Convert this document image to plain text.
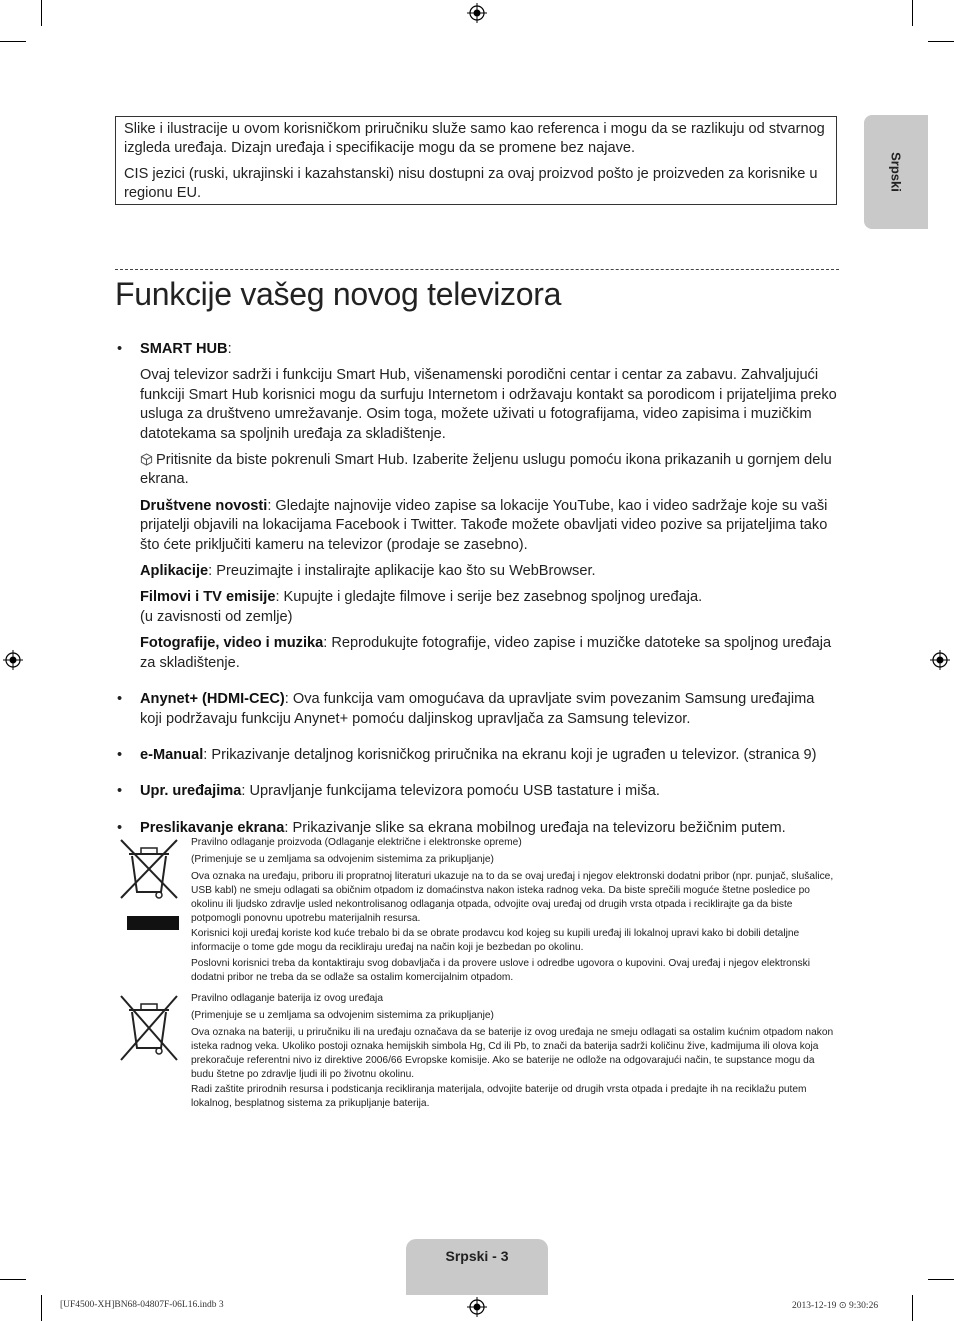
Slike i ilustracije u ovom korisničkom priručniku služe samo kao referenca i mogu da se razlikuju od stvarnog izgleda uređaja. Dizajn uređaja i specifikacije mogu da se promene bez najave.

CIS jezici (ruski, ukrajinski i kazahstanski) nisu dostupni za ovaj proizvod pošto je proizveden za korisnike u regionu EU.

Srpski
Funkcije vašeg novog televizora

• SMART HUB:

Ovaj televizor sadrži i funkciju Smart Hub, višenamenski porodični centar i centar za zabavu. Zahvaljujući funkciji Smart Hub korisnici mogu da surfuju Internetom i održavaju kontakt sa porodicom i prijateljima preko usluga za društveno umrežavanje. Osim toga, možete uživati u fotografijama, video zapisima i muzičkim datotekama sa spoljnih uređaja za skladištenje.

Pritisnite da biste pokrenuli Smart Hub. Izaberite željenu uslugu pomoću ikona prikazanih u gornjem delu ekrana.

Društvene novosti: Gledajte najnovije video zapise sa lokacije YouTube, kao i video sadržaje koje su vaši prijatelji objavili na lokacijama Facebook i Twitter. Takođe možete obavljati video pozive sa prijateljima tako što ćete priključiti kameru na televizor (prodaje se zasebno).

Aplikacije: Preuzimajte i instalirajte aplikacije kao što su WebBrowser.

Filmovi i TV emisije: Kupujte i gledajte filmove i serije bez zasebnog spoljnog uređaja.
(u zavisnosti od zemlje)

Fotografije, video i muzika: Reprodukujte fotografije, video zapise i muzičke datoteke sa spoljnog uređaja za skladištenje.

• Anynet+ (HDMI-CEC): Ova funkcija vam omogućava da upravljate svim povezanim Samsung uređajima koji podržavaju funkciju Anynet+ pomoću daljinskog upravljača za Samsung televizor.

• e-Manual: Prikazivanje detaljnog korisničkog priručnika na ekranu koji je ugrađen u televizor. (stranica 9)

• Upr. uređajima: Upravljanje funkcijama televizora pomoću USB tastature i miša.

• Preslikavanje ekrana: Prikazivanje slike sa ekrana mobilnog uređaja na televizoru bežičnim putem.

Pravilno odlaganje proizvoda (Odlaganje električne i elektronske opreme)

(Primenjuje se u zemljama sa odvojenim sistemima za prikupljanje)

Ova oznaka na uređaju, priboru ili propratnoj literaturi ukazuje na to da se ovaj uređaj i njegov elektronski dodatni pribor (npr. punjač, slušalice, USB kabl) ne smeju odlagati sa običnim otpadom iz domaćinstva nakon isteka radnog veka. Da biste sprečili moguće štetne posledice po okolinu ili ljudsko zdravlje usled nekontrolisanog odlaganja otpada, odvojite ovaj uređaj od drugih vrsta otpada i reciklirajte ga da biste potpomogli ponovnu upotrebu materijalnih resursa.

Korisnici koji uređaj koriste kod kuće trebalo bi da se obrate prodavcu kod kojeg su kupili uređaj ili lokalnoj upravi kako bi dobili detaljne informacije o tome gde mogu da recikliraju uređaj na način koji je bezbedan po okolinu.

Poslovni korisnici treba da kontaktiraju svog dobavljača i da provere uslove i odredbe ugovora o kupovini. Ovaj uređaj i njegov elektronski dodatni pribor ne treba da se odlaže sa ostalim komercijalnim otpadom.

Pravilno odlaganje baterija iz ovog uređaja

(Primenjuje se u zemljama sa odvojenim sistemima za prikupljanje)

Ova oznaka na bateriji, u priručniku ili na uređaju označava da se baterije iz ovog uređaja ne smeju odlagati sa ostalim kućnim otpadom nakon isteka radnog veka. Ukoliko postoji oznaka hemijskih simbola Hg, Cd ili Pb, to znači da baterija sadrži količinu žive, kadmijuma ili olova koja prekoračuje referentni nivo iz direktive 2006/66 Evropske komisije. Ako se baterije ne odlože na odgovarajući način, te supstance mogu da budu štetne po zdravlje ljudi ili po životnu okolinu.

Radi zaštite prirodnih resursa i podsticanja recikliranja materijala, odvojite baterije od drugih vrsta otpada i predajte ih na reciklažu putem lokalnog, besplatnog sistema za prikupljanje baterija.

Srpski - 3
[UF4500-XH]BN68-04807F-06L16.indb 3	2013-12-19 ⊙ 9:30:26
